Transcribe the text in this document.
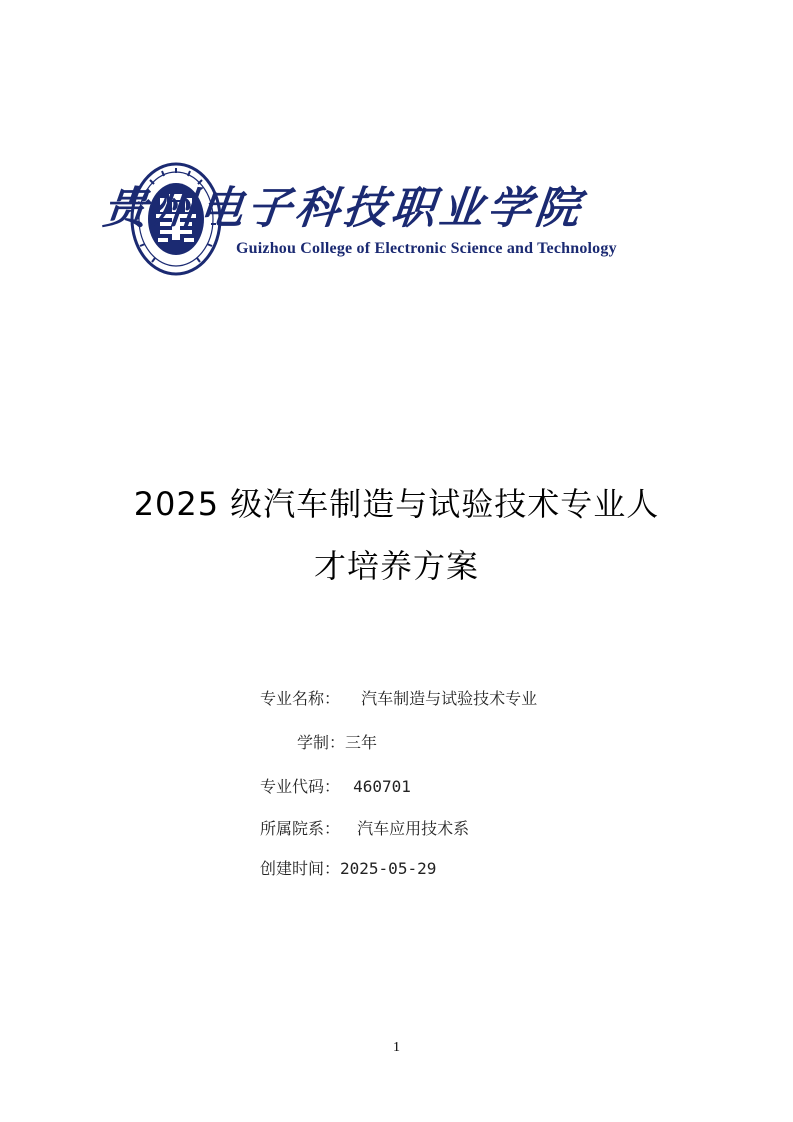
贵州电子科技职业学院
Guizhou College of Electronic Science and Technology
2025 级汽车制造与试验技术专业人
才培养方案
专业名称： 汽车制造与试验技术专业
学制：三年
专业代码： 460701
所属院系： 汽车应用技术系
创建时间：2025-05-29
1
